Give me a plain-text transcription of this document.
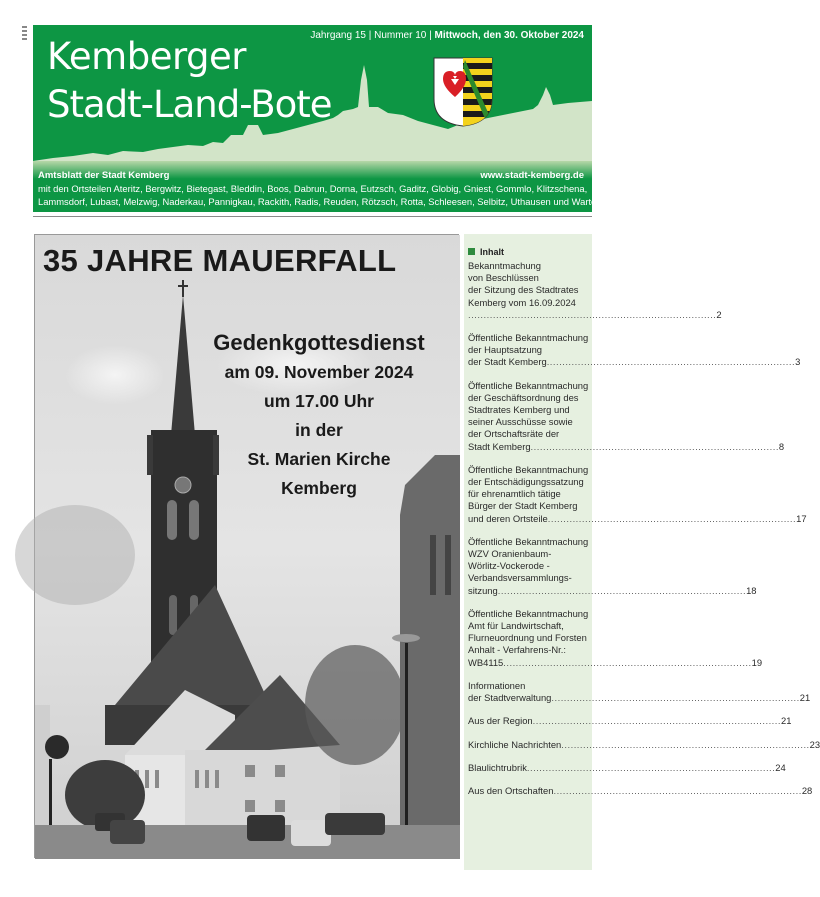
Kemberger
Stadt-Land-Bote
Jahrgang 15 | Nummer 10 | Mittwoch, den 30. Oktober 2024
Amtsblatt der Stadt Kemberg	www.stadt-kemberg.de
mit den Ortsteilen Ateritz, Bergwitz, Bietegast, Bleddin, Boos, Dabrun, Dorna, Eutzsch, Gaditz, Globig, Gniest, Gommlo, Klitzschena,
Lammsdorf, Lubast, Melzwig, Naderkau, Pannigkau, Rackith, Radis, Reuden, Rötzsch, Rotta, Schleesen, Selbitz, Uthausen und Wartenburg
35 JAHRE MAUERFALL
Gedenkgottesdienst
am 09. November 2024
um 17.00 Uhr
in der
St. Marien Kirche
Kemberg
Inhalt
Bekanntmachung
von Beschlüssen
der Sitzung des Stadtrates
Kemberg vom 16.09.2024
................................................................................ 2
Öffentliche Bekanntmachung
der Hauptsatzung
der Stadt Kemberg ................................................................................ 3
Öffentliche Bekanntmachung
der Geschäftsordnung des
Stadtrates Kemberg und
seiner Ausschüsse sowie
der Ortschaftsräte der
Stadt Kemberg ................................................................................ 8
Öffentliche Bekanntmachung
der Entschädigungssatzung
für ehrenamtlich tätige
Bürger der Stadt Kemberg
und deren Ortsteile ................................................................................ 17
Öffentliche Bekanntmachung
WZV Oranienbaum-
Wörlitz-Vockerode -
Verbandsversammlungs-
sitzung ................................................................................ 18
Öffentliche Bekanntmachung
Amt für Landwirtschaft,
Flurneuordnung und Forsten
Anhalt - Verfahrens-Nr.:
WB4115 ................................................................................ 19
Informationen
der Stadtverwaltung ................................................................................ 21
Aus der Region ................................................................................ 21
Kirchliche Nachrichten ................................................................................ 23
Blaulichtrubrik ................................................................................ 24
Aus den Ortschaften ................................................................................ 28
